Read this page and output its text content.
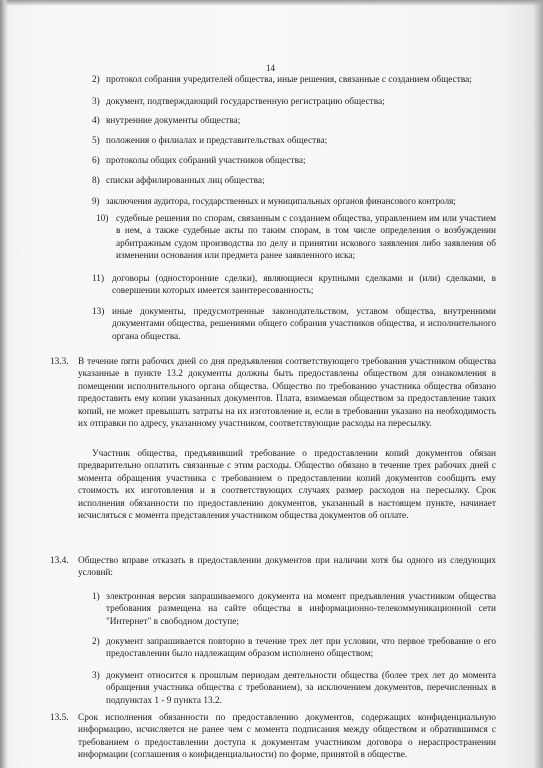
14
2) протокол собрания учредителей общества, иные решения, связанные с созданием общества;
3) документ, подтверждающий государственную регистрацию общества;
4) внутренние документы общества;
5) положения о филиалах и представительствах общества;
6) протоколы общих собраний участников общества;
8) списки аффилированных лиц общества;
9) заключения аудитора, государственных и муниципальных органов финансового контроля;
10) судебные решения по спорам, связанным с созданием общества, управлением им или участием в нем, а также судебные акты по таким спорам, в том числе определения о возбуждении арбитражным судом производства по делу и принятии искового заявления либо заявления об изменении основания или предмета ранее заявленного иска;
11) договоры (односторонние сделки), являющиеся крупными сделками и (или) сделками, в совершении которых имеется заинтересованность;
13) иные документы, предусмотренные законодательством, уставом общества, внутренними документами общества, решениями общего собрания участников общества, и исполнительного органа общества.
13.3. В течение пяти рабочих дней со дня предъявления соответствующего требования участником общества указанные в пункте 13.2 документы должны быть предоставлены обществом для ознакомления в помещении исполнительного органа общества. Общество по требованию участника общества обязано предоставить ему копии указанных документов. Плата, взимаемая обществом за предоставление таких копий, не может превышать затраты на их изготовление и, если в требовании указано на необходимость их отправки по адресу, указанному участником, соответствующие расходы на пересылку.
Участник общества, предъявивший требование о предоставлении копий документов обязан предварительно оплатить связанные с этим расходы. Общество обязано в течение трех рабочих дней с момента обращения участника с требованием о предоставлении копий документов сообщить ему стоимость их изготовления и в соответствующих случаях размер расходов на пересылку. Срок исполнения обязанности по предоставлению документов, указанный в настоящем пункте, начинает исчисляться с момента представления участником общества документов об оплате.
13.4. Общество вправе отказать в предоставлении документов при наличии хотя бы одного из следующих условий:
1) электронная версия запрашиваемого документа на момент предъявления участником общества требования размещена на сайте общества в информационно-телекоммуникационной сети "Интернет" в свободном доступе;
2) документ запрашивается повторно в течение трех лет при условии, что первое требование о его предоставлении было надлежащим образом исполнено обществом;
3) документ относится к прошлым периодам деятельности общества (более трех лет до момента обращения участника общества с требованием), за исключением документов, перечисленных в подпунктах 1 - 9 пункта 13.2.
13.5. Срок исполнения обязанности по предоставлению документов, содержащих конфиденциальную информацию, исчисляется не ранее чем с момента подписания между обществом и обратившимся с требованием о предоставлении доступа к документам участником договора о нераспространении информации (соглашения о конфиденциальности) по форме, принятой в обществе.
